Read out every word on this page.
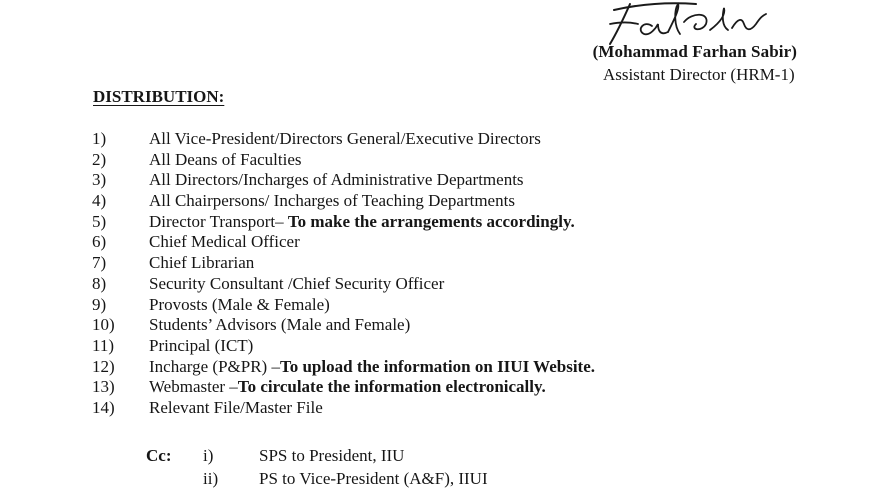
(Mohammad Farhan Sabir)
Assistant Director (HRM-1)
DISTRIBUTION:
1)	All Vice-President/Directors General/Executive Directors
2)	All Deans of Faculties
3)	All Directors/Incharges of Administrative Departments
4)	All Chairpersons/ Incharges of Teaching Departments
5)	Director Transport– To make the arrangements accordingly.
6)	Chief Medical Officer
7)	Chief Librarian
8)	Security Consultant /Chief Security Officer
9)	Provosts (Male & Female)
10) Students’ Advisors (Male and Female)
11) Principal (ICT)
12) Incharge (P&PR) –To upload the information on IIUI Website.
13) Webmaster –To circulate the information electronically.
14) Relevant File/Master File
Cc: i)	SPS to President, IIU
ii) PS to Vice-President (A&F), IIUI
